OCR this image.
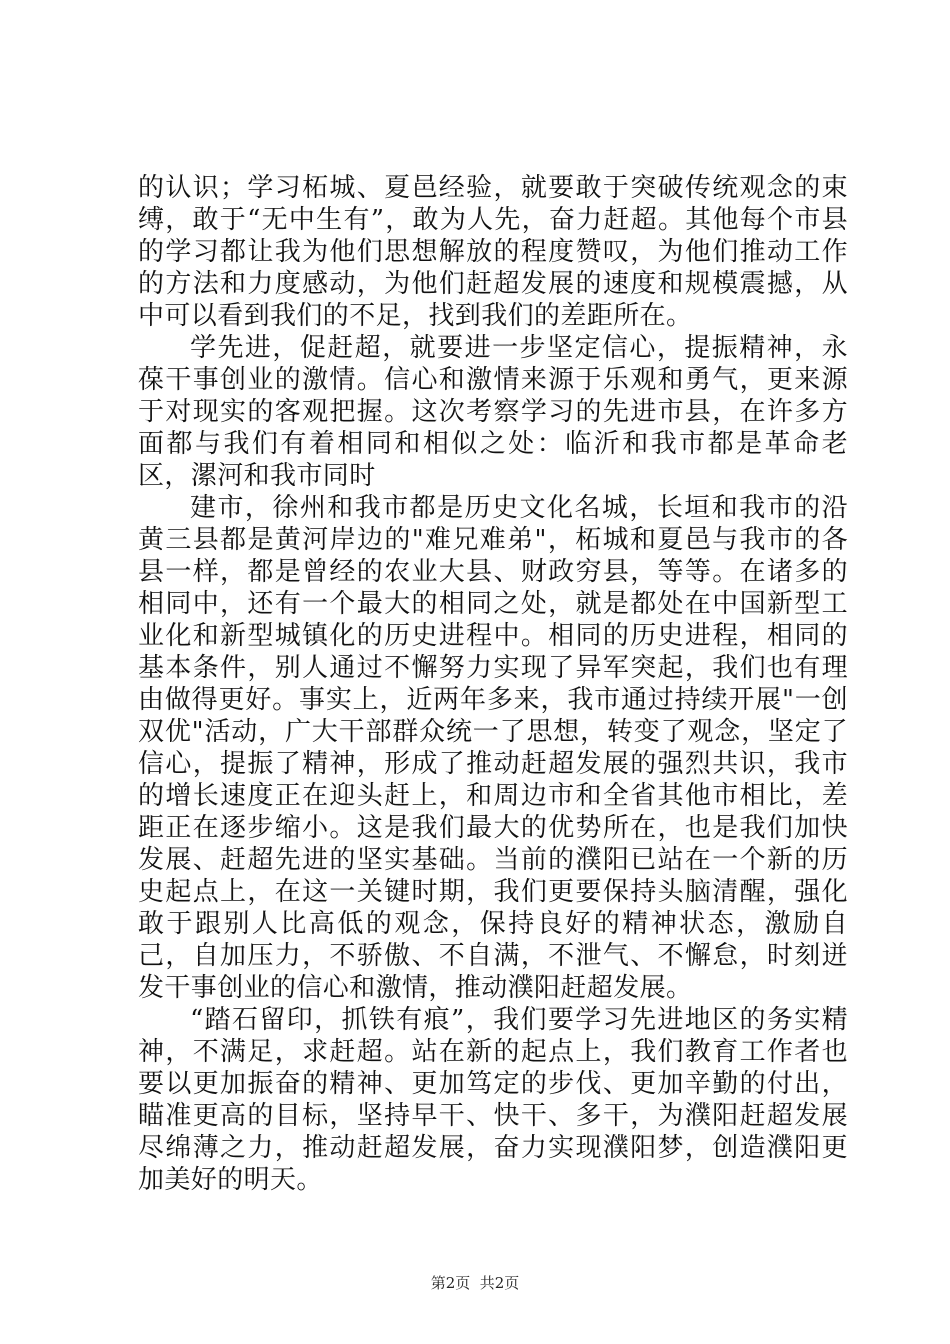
的认识；学习柘城、夏邑经验，就要敢于突破传统观念的束缚，敢于“无中生有”，敢为人先，奋力赶超。其他每个市县的学习都让我为他们思想解放的程度赞叹，为他们推动工作的方法和力度感动，为他们赶超发展的速度和规模震撼，从中可以看到我们的不足，找到我们的差距所在。

学先进，促赶超，就要进一步坚定信心，提振精神，永葆干事创业的激情。信心和激情来源于乐观和勇气，更来源于对现实的客观把握。这次考察学习的先进市县，在许多方面都与我们有着相同和相似之处：临沂和我市都是革命老区，漯河和我市同时

建市，徐州和我市都是历史文化名城，长垣和我市的沿黄三县都是黄河岸边的"难兄难弟"，柘城和夏邑与我市的各县一样，都是曾经的农业大县、财政穷县，等等。在诸多的相同中，还有一个最大的相同之处，就是都处在中国新型工业化和新型城镇化的历史进程中。相同的历史进程，相同的基本条件，别人通过不懈努力实现了异军突起，我们也有理由做得更好。事实上，近两年多来，我市通过持续开展"一创双优"活动，广大干部群众统一了思想，转变了观念，坚定了信心，提振了精神，形成了推动赶超发展的强烈共识，我市的增长速度正在迎头赶上，和周边市和全省其他市相比，差距正在逐步缩小。这是我们最大的优势所在，也是我们加快发展、赶超先进的坚实基础。当前的濮阳已站在一个新的历史起点上，在这一关键时期，我们更要保持头脑清醒，强化敢于跟别人比高低的观念，保持良好的精神状态，激励自己，自加压力，不骄傲、不自满，不泄气、不懈怠，时刻迸发干事创业的信心和激情，推动濮阳赶超发展。

“踏石留印，抓铁有痕”，我们要学习先进地区的务实精神，不满足，求赶超。站在新的起点上，我们教育工作者也要以更加振奋的精神、更加笃定的步伐、更加辛勤的付出，瞄准更高的目标，坚持早干、快干、多干，为濮阳赶超发展尽绵薄之力，推动赶超发展，奋力实现濮阳梦，创造濮阳更加美好的明天。

第2页  共2页
